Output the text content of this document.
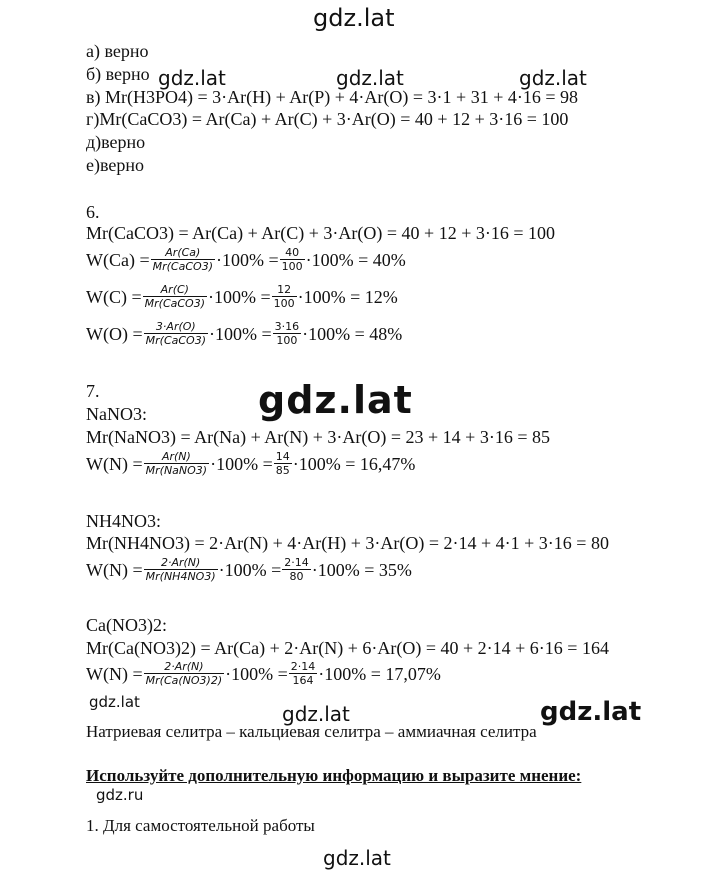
gdz.lat
gdz.lat	gdz.lat	gdz.lat
gdz.lat
gdz.lat	gdz.lat	gdz.lat
gdz.ru
gdz.lat
а) верно
б) верно
в) Mr(H3PO4) = 3·Ar(H) + Ar(P) + 4·Ar(O) = 3·1 + 31 + 4·16 = 98
г)Mr(CaCO3) = Ar(Ca) + Ar(C) + 3·Ar(O) = 40 + 12 + 3·16 = 100
д)верно
е)верно
6.
Mr(CaCO3) = Ar(Ca) + Ar(C) + 3·Ar(O) = 40 + 12 + 3·16 = 100
$W(Ca) = \frac{Ar(Ca)}{\text{Mr(CaCO3)}} \cdot 100\% = \frac{40}{100} \cdot 100\% = 40\%$
$W(C) = \frac{Ar(C)}{\text{Mr(CaCO3)}} \cdot 100\% = \frac{12}{100} \cdot 100\% = 12\%$
$W(O) = \frac{3\cdot Ar(O)}{\text{Mr(CaCO3)}} \cdot 100\% = \frac{3\cdot 16}{100} \cdot 100\% = 48\%$
7.
NaNO3:
Mr(NaNO3) = Ar(Na) + Ar(N) + 3·Ar(O) = 23 + 14 + 3·16 = 85
$W(N) = \frac{Ar(N)}{\text{Mr(NaNO3)}} \cdot 100\% = \frac{14}{85} \cdot 100\% = 16,47\%$
NH4NO3:
Mr(NH4NO3) = 2·Ar(N) + 4·Ar(H) + 3·Ar(O) = 2·14 + 4·1 + 3·16 = 80
$W(N) = \frac{2\cdot Ar(N)}{Mr(NH4NO3)} \cdot 100\% = \frac{2\cdot 14}{80} \cdot 100\% = 35\%$
Ca(NO3)2:
Mr(Ca(NO3)2) = Ar(Ca) + 2·Ar(N) + 6·Ar(O) = 40 + 2·14 + 6·16 = 164
$W(N) = \frac{2\cdot Ar(N)}{Mr(Ca(NO3)2)} \cdot 100\% = \frac{2\cdot 14}{164} \cdot 100\% = 17,07\%$
Натриевая селитра – кальциевая селитра – аммиачная селитра
Используйте дополнительную информацию и выразите мнение:
1. Для самостоятельной работы
